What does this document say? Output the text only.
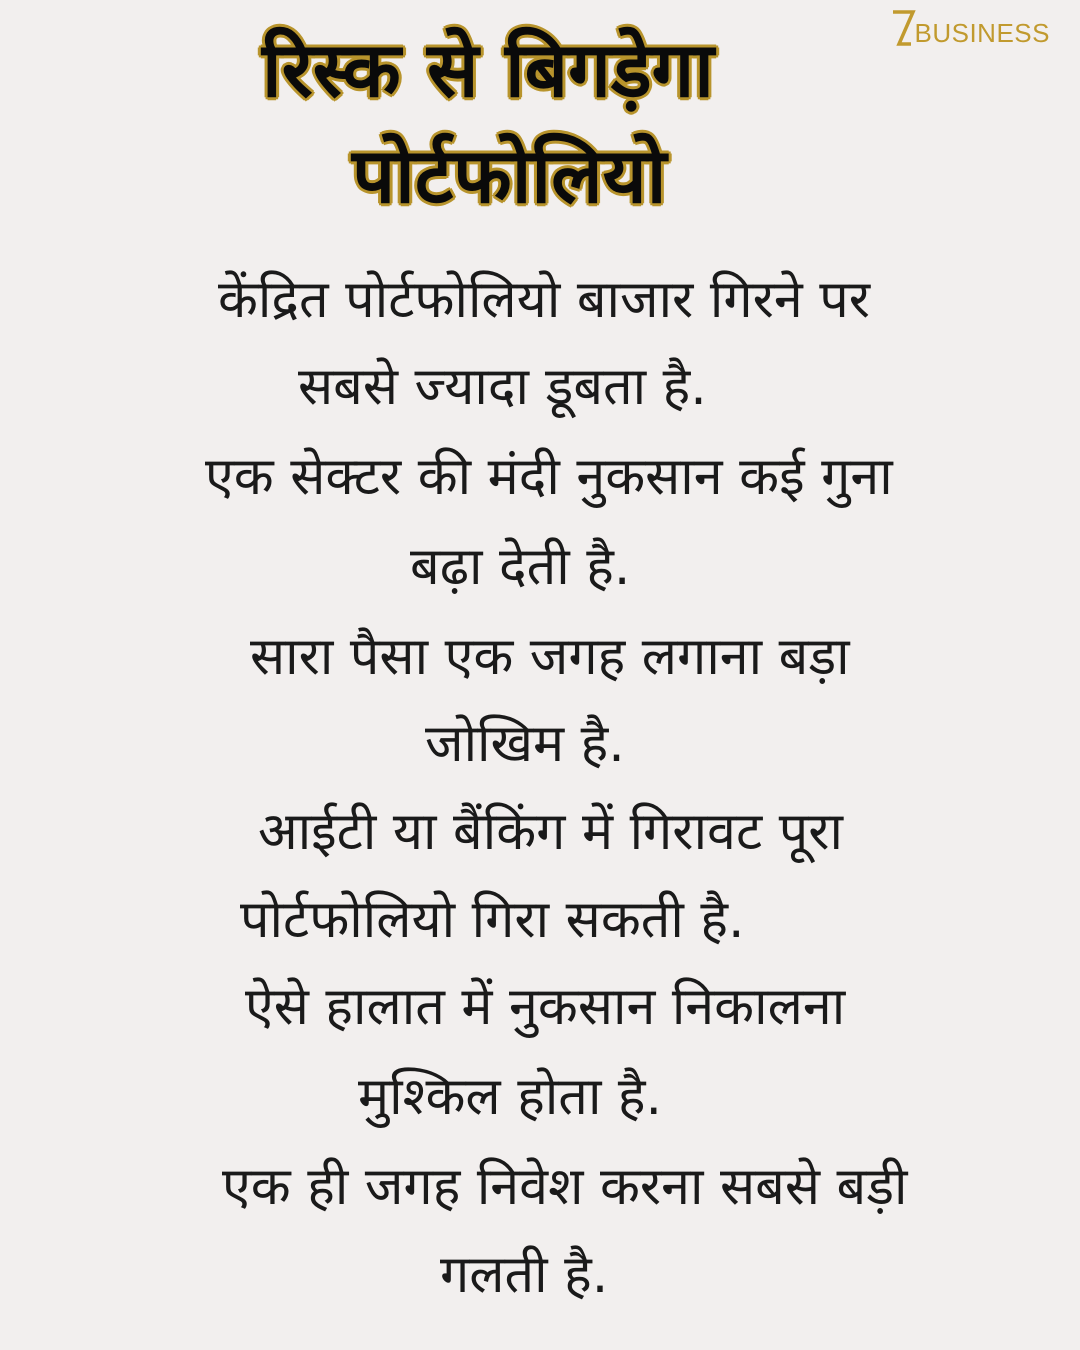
BUSINESS
रिस्क से बिगड़ेगा
पोर्टफोलियो
केंद्रित पोर्टफोलियो बाजार गिरने पर
सबसे ज्यादा डूबता है.
एक सेक्टर की मंदी नुकसान कई गुना
बढ़ा देती है.
सारा पैसा एक जगह लगाना बड़ा
जोखिम है.
आईटी या बैंकिंग में गिरावट पूरा
पोर्टफोलियो गिरा सकती है.
ऐसे हालात में नुकसान निकालना
मुश्किल होता है.
एक ही जगह निवेश करना सबसे बड़ी
गलती है.
